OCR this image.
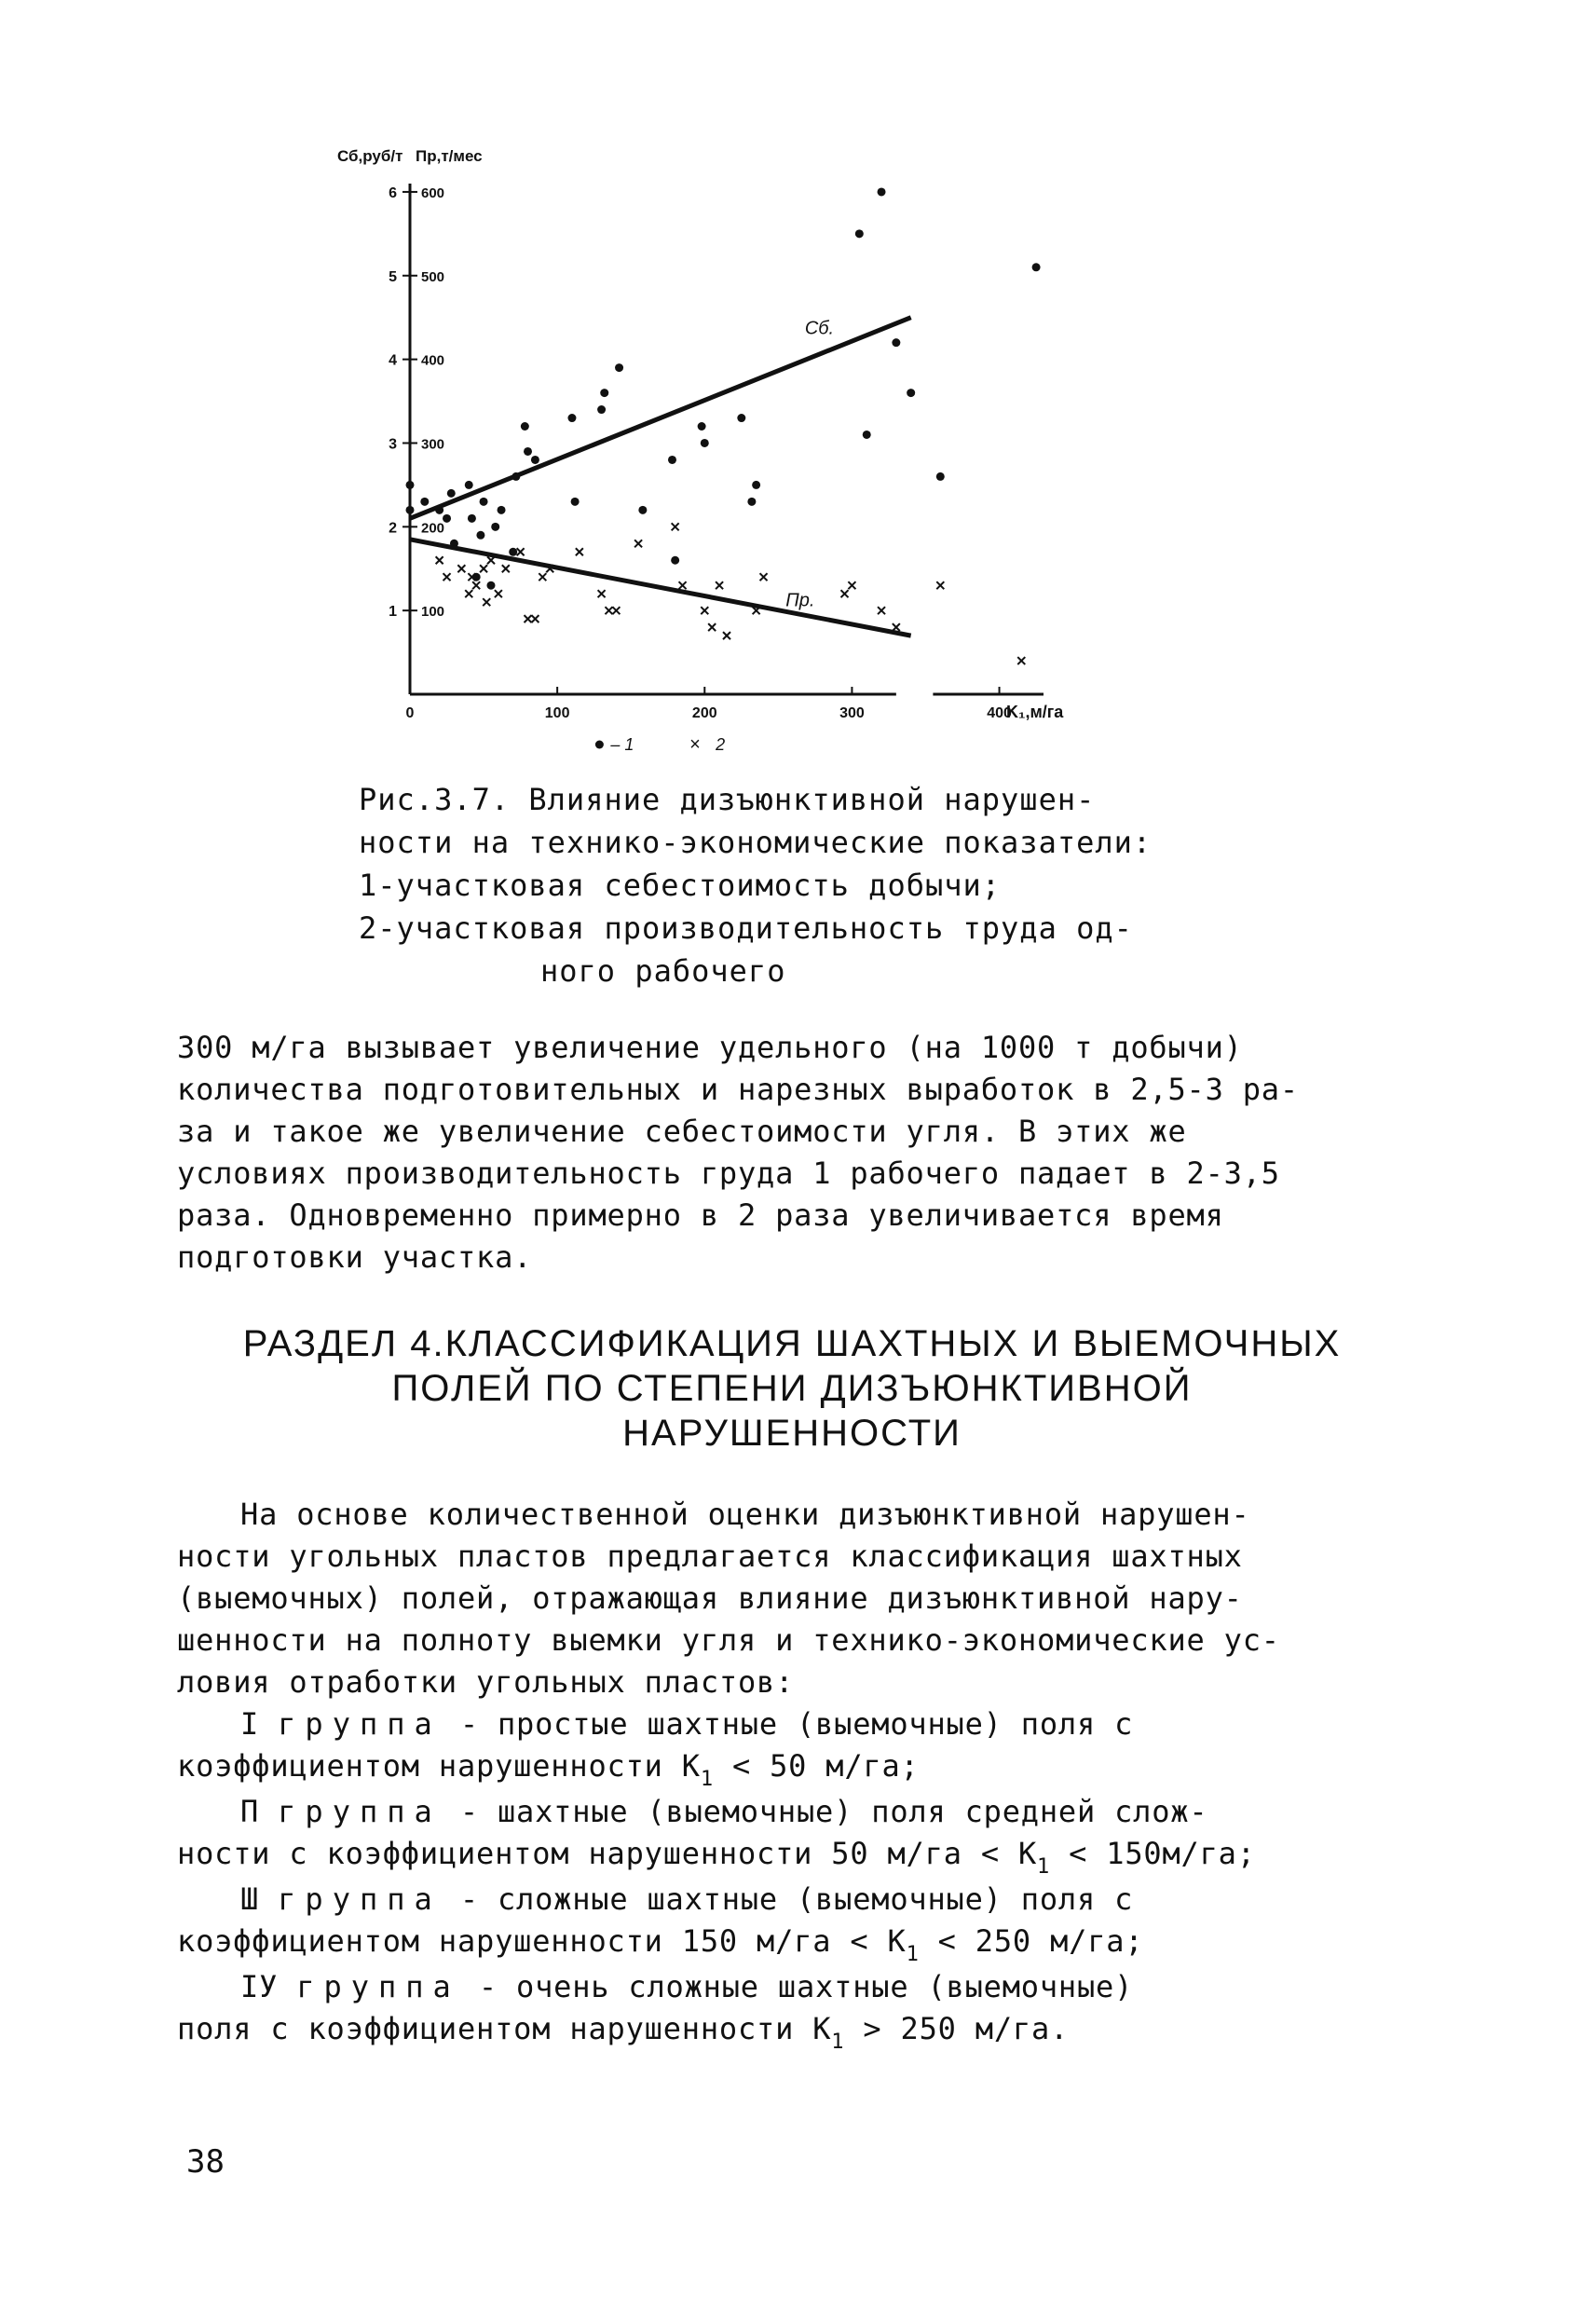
Сб,руб/т Пр,т/мес
K₁,м/га
0	100	200	300	400
1 100
2 200
3 300
4 400
5 500
6 600
Сб.
Пр.
– 1	× 2
Рис.3.7. Влияние дизъюнктивной нарушен-
ности на технико-экономические показатели:
1-участковая себестоимость добычи;
2-участковая производительность труда од-
ного рабочего
300 м/га вызывает увеличение удельного (на 1000 т добычи)
количества подготовительных и нарезных выработок в 2,5-3 ра-
за и такое же увеличение себестоимости угля. В этих же
условиях производительность груда 1 рабочего падает в 2-3,5
раза. Одновременно примерно в 2 раза увеличивается время
подготовки участка.
РАЗДЕЛ 4.КЛАССИФИКАЦИЯ ШАХТНЫХ И ВЫЕМОЧНЫХ
ПОЛЕЙ ПО СТЕПЕНИ ДИЗЪЮНКТИВНОЙ
НАРУШЕННОСТИ
На основе количественной оценки дизъюнктивной нарушен-
ности угольных пластов предлагается классификация шахтных
(выемочных) полей, отражающая влияние дизъюнктивной нару-
шенности на полноту выемки угля и технико-экономические ус-
ловия отработки угольных пластов:
I группа - простые шахтные (выемочные) поля с
коэффициентом нарушенности $К_1 < 50$ м/га;
П группа - шахтные (выемочные) поля средней слож-
ности с коэффициентом нарушенности 50 $м/га < К_1 < 150м/га$;
Ш группа - сложные шахтные (выемочные) поля с
коэффициентом нарушенности 150 $м/га < К_1 < 250$ м/га;
IУ группа - очень сложные шахтные (выемочные)
поля с коэффициентом нарушенности $К_1 > 250$ м/га.
38
